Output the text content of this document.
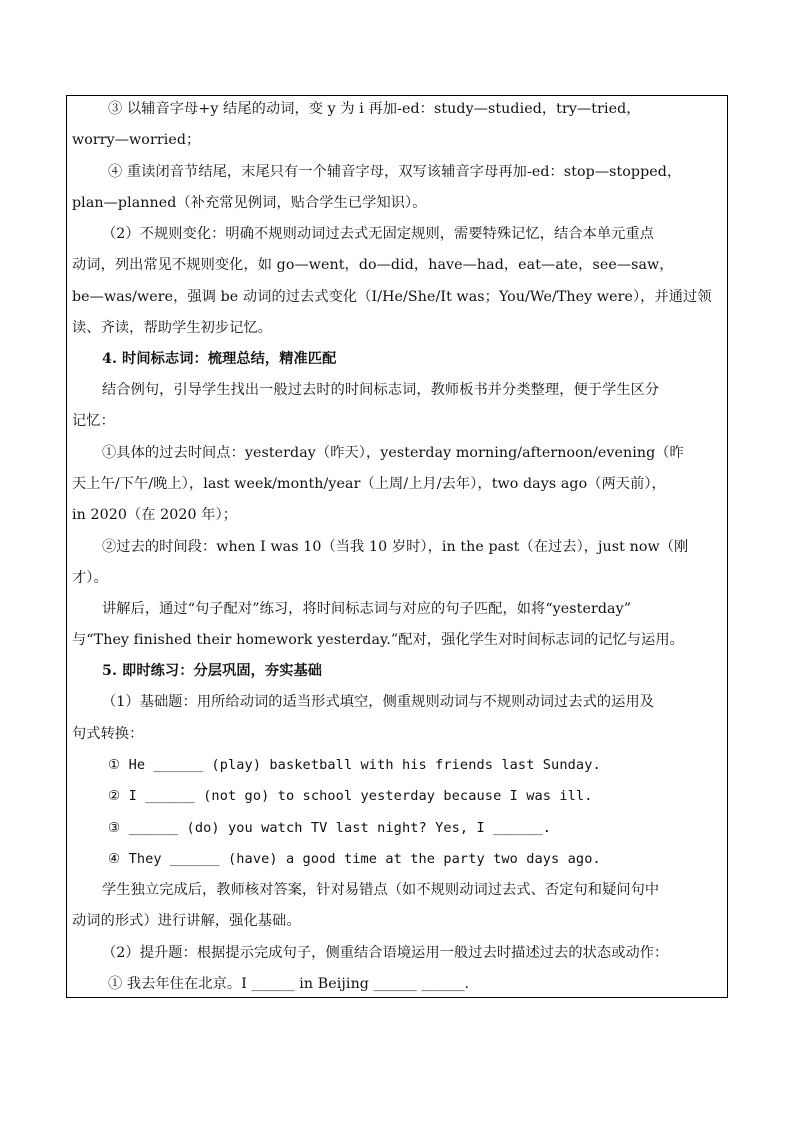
③ 以辅音字母+y 结尾的动词，变 y 为 i 再加-ed：study—studied，try—tried，
worry—worried；
④ 重读闭音节结尾，末尾只有一个辅音字母，双写该辅音字母再加-ed：stop—stopped，
plan—planned（补充常见例词，贴合学生已学知识）。
（2）不规则变化：明确不规则动词过去式无固定规则，需要特殊记忆，结合本单元重点
动词，列出常见不规则变化，如 go—went，do—did，have—had，eat—ate，see—saw，
be—was/were，强调 be 动词的过去式变化（I/He/She/It was；You/We/They were），并通过领
读、齐读，帮助学生初步记忆。
4. 时间标志词：梳理总结，精准匹配
结合例句，引导学生找出一般过去时的时间标志词，教师板书并分类整理，便于学生区分
记忆：
①具体的过去时间点：yesterday（昨天），yesterday morning/afternoon/evening（昨
天上午/下午/晚上），last week/month/year（上周/上月/去年），two days ago（两天前），
in 2020（在 2020 年）；
②过去的时间段：when I was 10（当我 10 岁时），in the past（在过去），just now（刚
才）。
讲解后，通过“句子配对”练习，将时间标志词与对应的句子匹配，如将“yesterday”
与“They finished their homework yesterday.”配对，强化学生对时间标志词的记忆与运用。
5. 即时练习：分层巩固，夯实基础
（1）基础题：用所给动词的适当形式填空，侧重规则动词与不规则动词过去式的运用及
句式转换：
① He ______ (play) basketball with his friends last Sunday.
② I ______ (not go) to school yesterday because I was ill.
③ ______ (do) you watch TV last night? Yes, I ______.
④ They ______ (have) a good time at the party two days ago.
学生独立完成后，教师核对答案，针对易错点（如不规则动词过去式、否定句和疑问句中
动词的形式）进行讲解，强化基础。
（2）提升题：根据提示完成句子，侧重结合语境运用一般过去时描述过去的状态或动作：
① 我去年住在北京。I ______ in Beijing ______ ______.
